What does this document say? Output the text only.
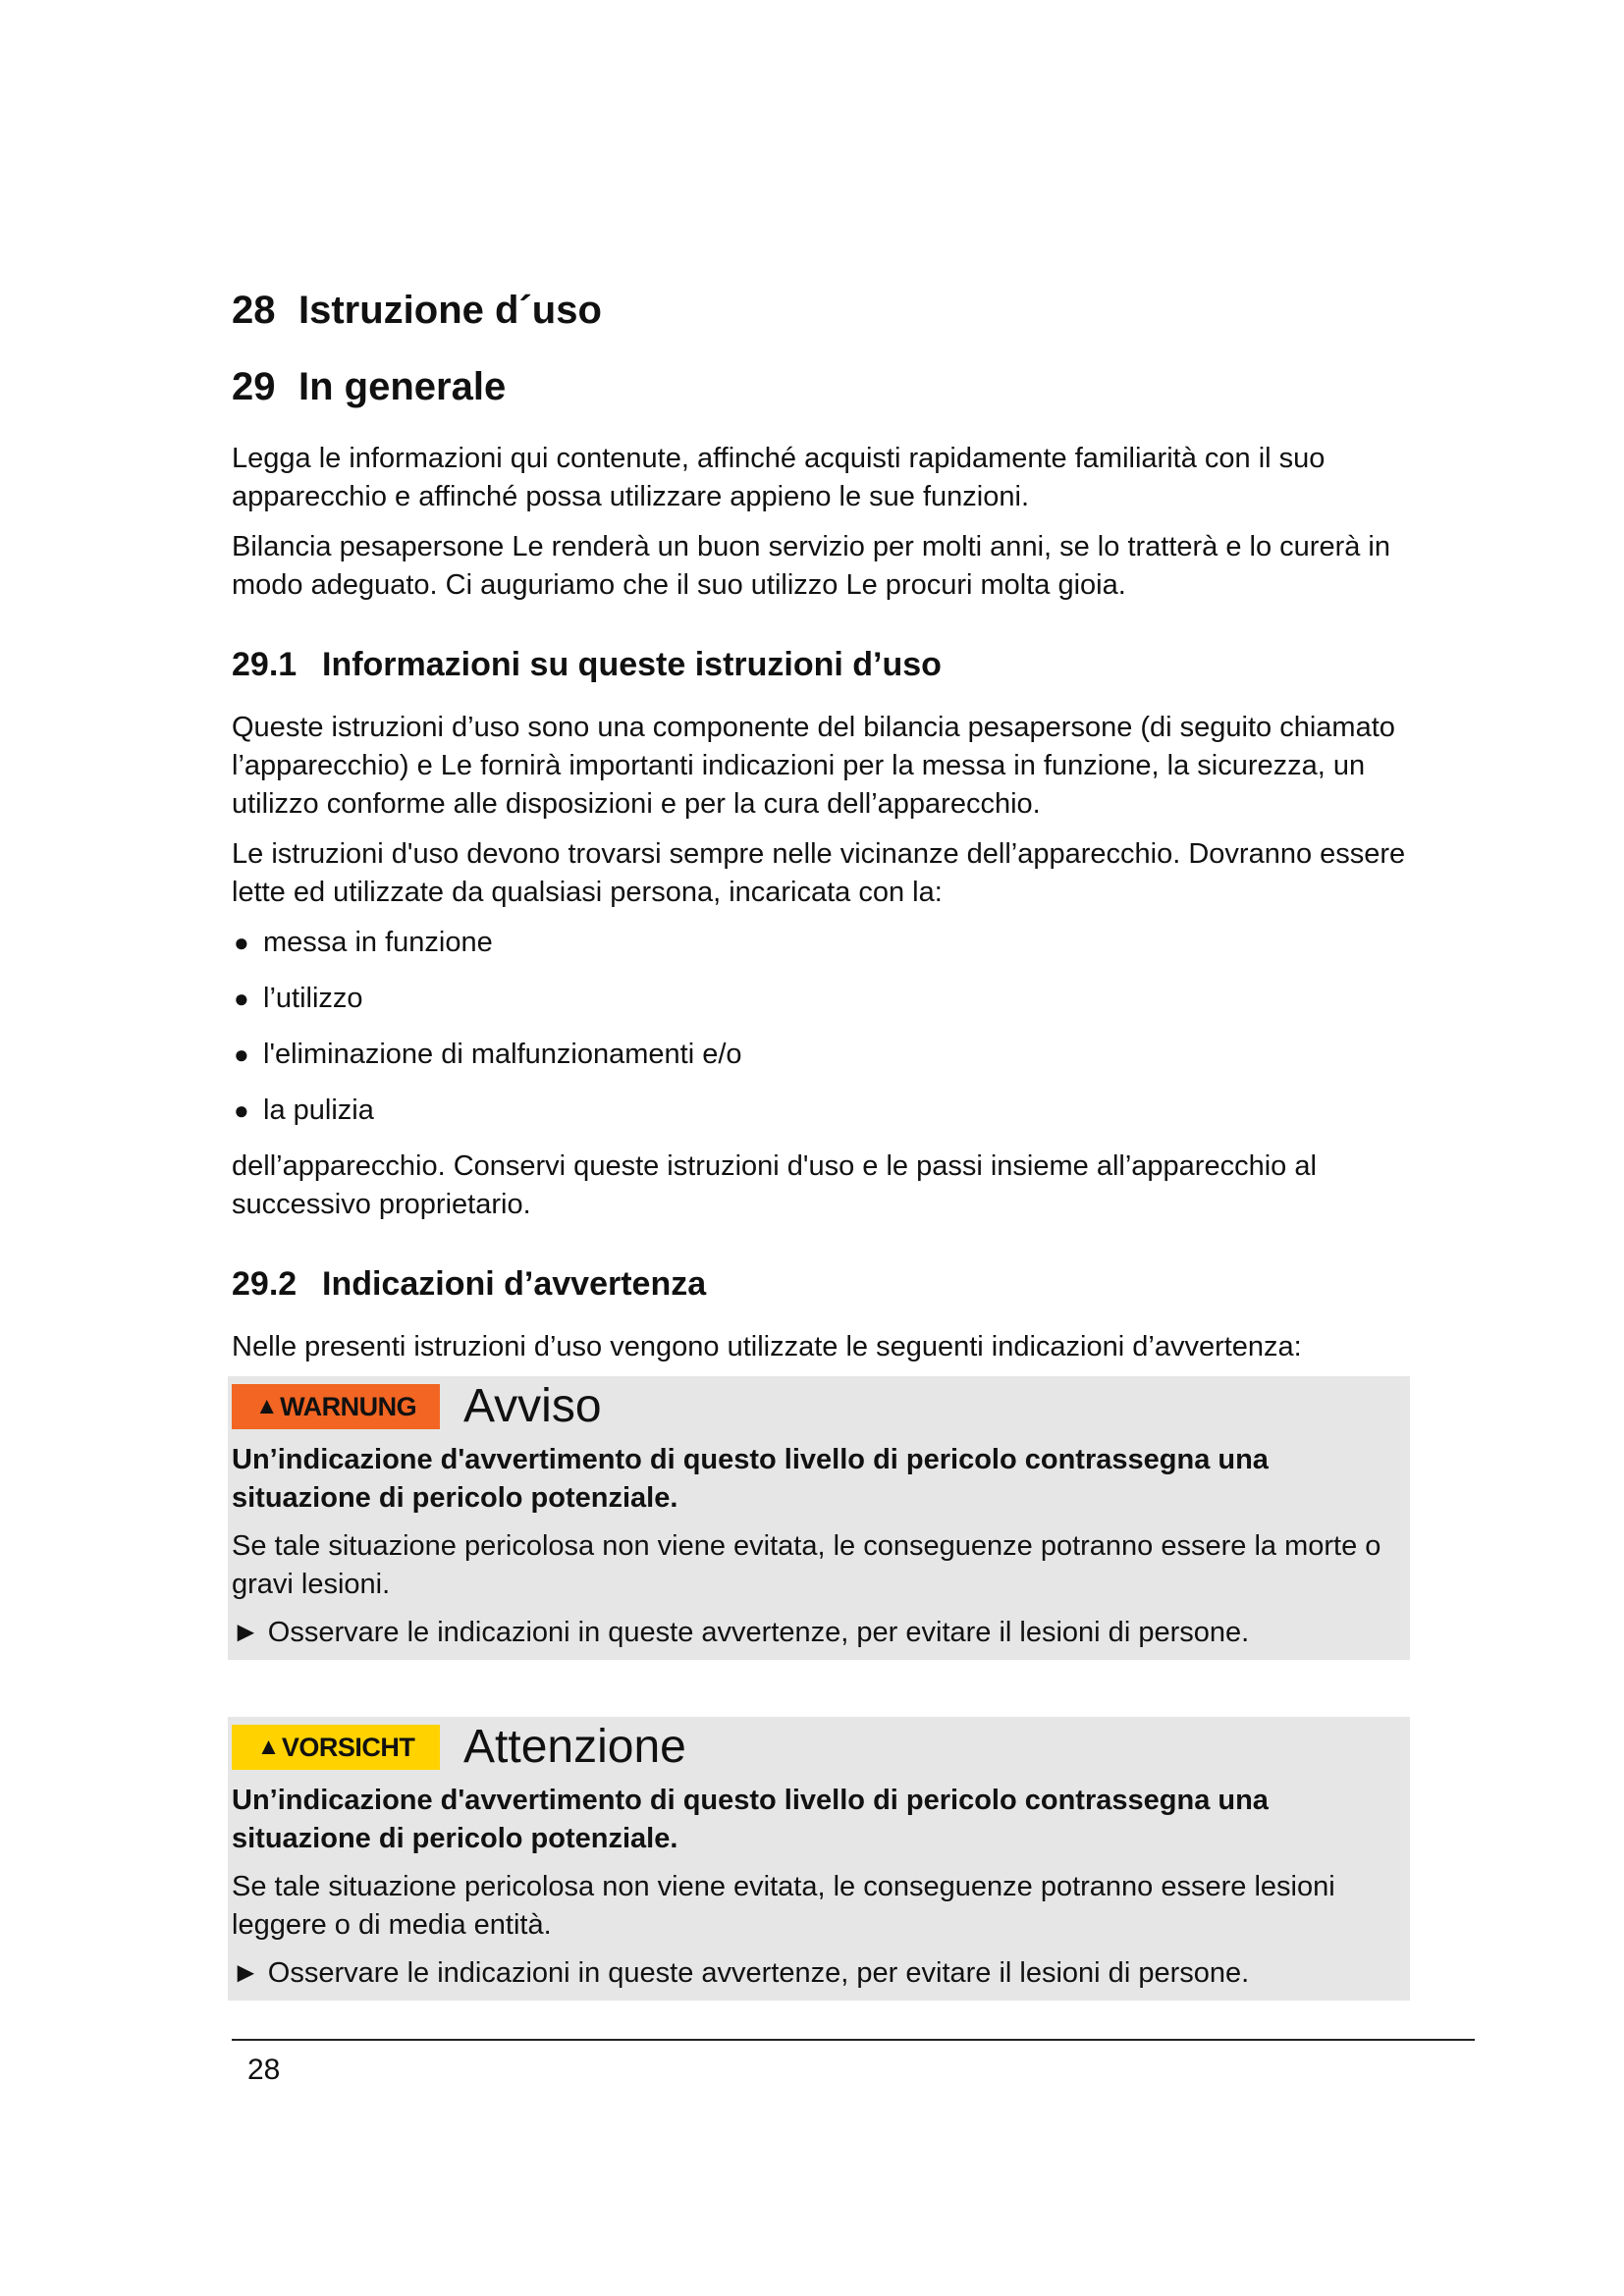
28 Istruzione d´uso
29 In generale

Legga le informazioni qui contenute, affinché acquisti rapidamente familiarità con il suo apparecchio e affinché possa utilizzare appieno le sue funzioni.

Bilancia pesapersone Le renderà un buon servizio per molti anni, se lo tratterà e lo curerà in modo adeguato. Ci auguriamo che il suo utilizzo Le procuri molta gioia.

29.1 Informazioni su queste istruzioni d’uso

Queste istruzioni d’uso sono una componente del bilancia pesapersone (di seguito chiamato l’apparecchio) e Le fornirà importanti indicazioni per la messa in funzione, la sicurezza, un utilizzo conforme alle disposizioni e per la cura dell’apparecchio.

Le istruzioni d'uso devono trovarsi sempre nelle vicinanze dell’apparecchio. Dovranno essere lette ed utilizzate da qualsiasi persona, incaricata con la:

● messa in funzione
● l’utilizzo
● l'eliminazione di malfunzionamenti e/o
● la pulizia

dell’apparecchio. Conservi queste istruzioni d'uso e le passi insieme all’apparecchio al successivo proprietario.

29.2 Indicazioni d’avvertenza

Nelle presenti istruzioni d’uso vengono utilizzate le seguenti indicazioni d’avvertenza:

▲ WARNUNG Avviso

Un’indicazione d'avvertimento di questo livello di pericolo contrassegna una situazione di pericolo potenziale.

Se tale situazione pericolosa non viene evitata, le conseguenze potranno essere la morte o gravi lesioni.

► Osservare le indicazioni in queste avvertenze, per evitare il lesioni di persone.

▲ VORSICHT Attenzione

Un’indicazione d'avvertimento di questo livello di pericolo contrassegna una situazione di pericolo potenziale.

Se tale situazione pericolosa non viene evitata, le conseguenze potranno essere lesioni leggere o di media entità.

► Osservare le indicazioni in queste avvertenze, per evitare il lesioni di persone.

28
